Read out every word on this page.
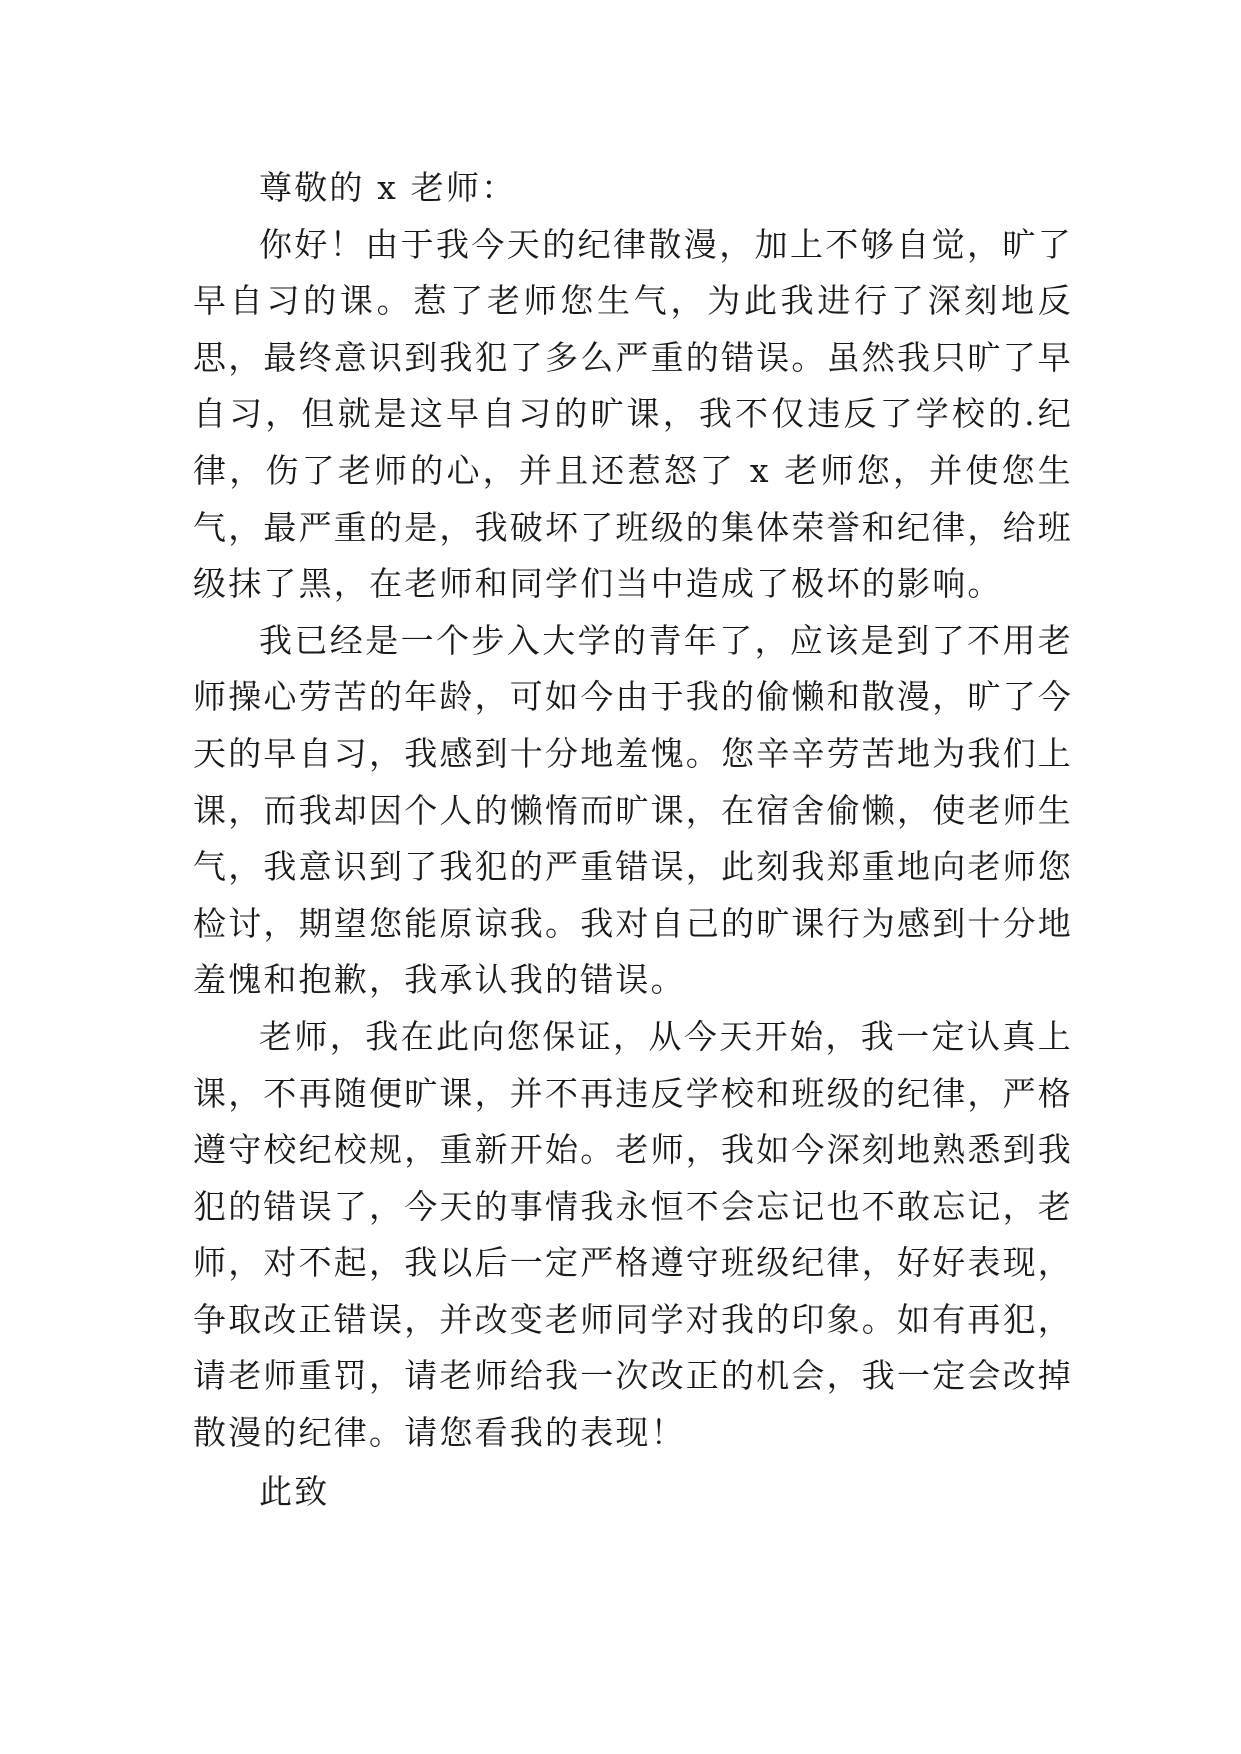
尊敬的 x 老师：

你好！由于我今天的纪律散漫，加上不够自觉，旷了早自习的课。惹了老师您生气，为此我进行了深刻地反思，最终意识到我犯了多么严重的错误。虽然我只旷了早自习，但就是这早自习的旷课，我不仅违反了学校的.纪律，伤了老师的心，并且还惹怒了 x 老师您，并使您生气，最严重的是，我破坏了班级的集体荣誉和纪律，给班级抹了黑，在老师和同学们当中造成了极坏的影响。

我已经是一个步入大学的青年了，应该是到了不用老师操心劳苦的年龄，可如今由于我的偷懒和散漫，旷了今天的早自习，我感到十分地羞愧。您辛辛劳苦地为我们上课，而我却因个人的懒惰而旷课，在宿舍偷懒，使老师生气，我意识到了我犯的严重错误，此刻我郑重地向老师您检讨，期望您能原谅我。我对自己的旷课行为感到十分地羞愧和抱歉，我承认我的错误。

老师，我在此向您保证，从今天开始，我一定认真上课，不再随便旷课，并不再违反学校和班级的纪律，严格遵守校纪校规，重新开始。老师，我如今深刻地熟悉到我犯的错误了，今天的事情我永恒不会忘记也不敢忘记，老师，对不起，我以后一定严格遵守班级纪律，好好表现，争取改正错误，并改变老师同学对我的印象。如有再犯，请老师重罚，请老师给我一次改正的机会，我一定会改掉散漫的纪律。请您看我的表现！

此致
